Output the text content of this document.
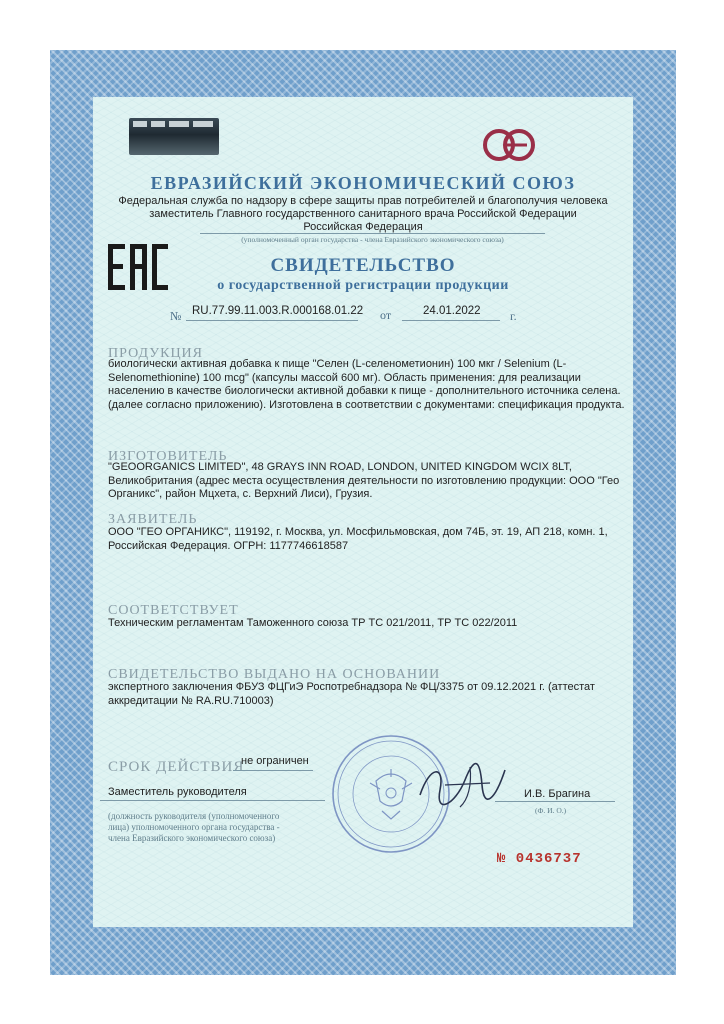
ЕВРАЗИЙСКИЙ ЭКОНОМИЧЕСКИЙ СОЮЗ
Федеральная служба по надзору в сфере защиты прав потребителей и благополучия человека
заместитель Главного государственного санитарного врача Российской Федерации
Российская Федерация
(уполномоченный орган государства - члена Евразийского экономического союза)
СВИДЕТЕЛЬСТВО
о государственной регистрации продукции
№ RU.77.99.11.003.R.000168.01.22 от	24.01.2022 г.
ПРОДУКЦИЯ
биологически активная добавка к пище "Селен (L-селенометионин) 100 мкг / Selenium (L-
Selenomethionine) 100 mcg" (капсулы массой 600 мг). Область применения: для реализации
населению в качестве биологически активной добавки к пище - дополнительного источника селена.
(далее согласно приложению). Изготовлена в соответствии с документами: спецификация продукта.
ИЗГОТОВИТЕЛЬ
"GEOORGANICS LIMITED", 48 GRAYS INN ROAD, LONDON, UNITED KINGDOM WCIX 8LT,
Великобритания (адрес места осуществления деятельности по изготовлению продукции: ООО "Гео
Органикс", район Мцхета, с. Верхний Лиси), Грузия.
ЗАЯВИТЕЛЬ
ООО "ГЕО ОРГАНИКС", 119192, г. Москва, ул. Мосфильмовская, дом 74Б, эт. 19, АП 218, комн. 1,
Российская Федерация. ОГРН: 1177746618587
СООТВЕТСТВУЕТ
Техническим регламентам Таможенного союза ТР ТС 021/2011, ТР ТС 022/2011
СВИДЕТЕЛЬСТВО ВЫДАНО НА ОСНОВАНИИ
экспертного заключения ФБУЗ ФЦГиЭ Роспотребнадзора № ФЦ/3375 от 09.12.2021 г. (аттестат
аккредитации № RA.RU.710003)
СРОК ДЕЙСТВИЯ
не ограничен
Заместитель руководителя	И.В. Брагина
(Ф. И. О.)
(должность руководителя (уполномоченного
лица) уполномоченного органа государства -
члена Евразийского экономического союза)
№ 0436737
